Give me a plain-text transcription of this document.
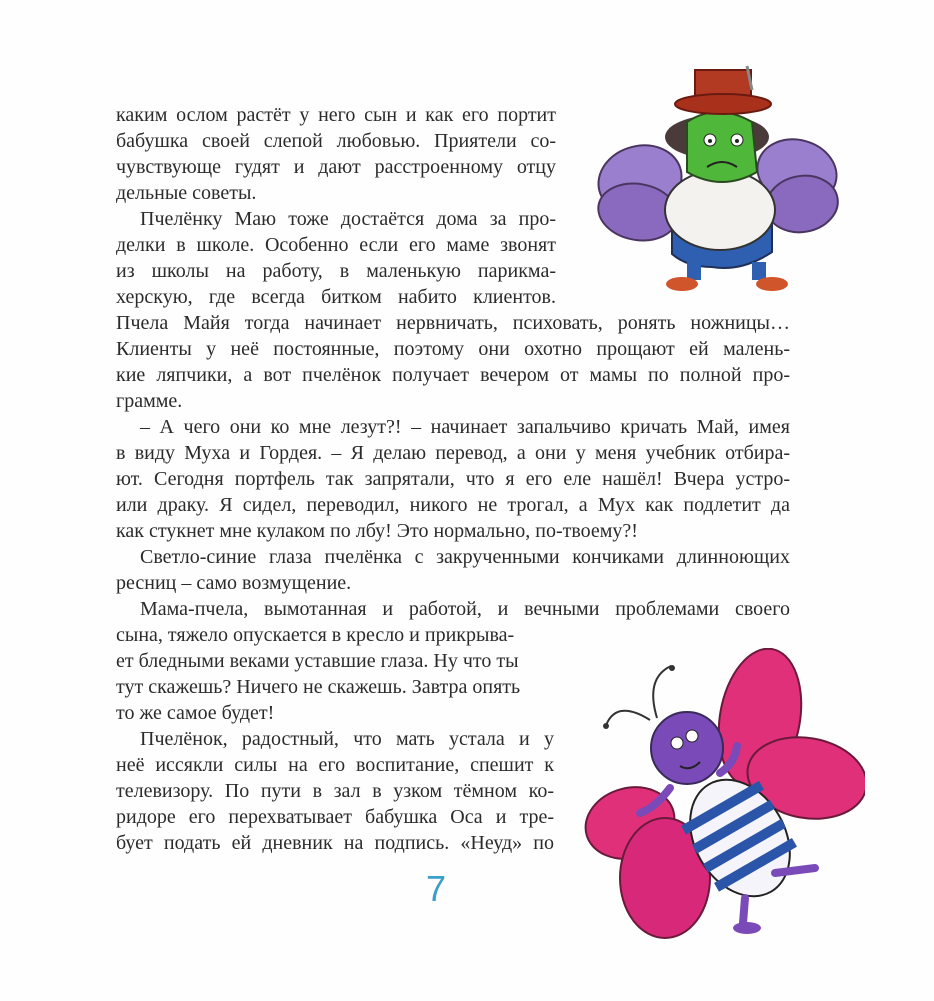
каким ослом растёт у него сын и как его портит
бабушка своей слепой любовью. Приятели со-
чувствующе гудят и дают расстроенному отцу
дельные советы.
Пчелёнку Маю тоже достаётся дома за про-
делки в школе. Особенно если его маме звонят
из школы на работу, в маленькую парикма-
херскую, где всегда битком набито клиентов.
Пчела Майя тогда начинает нервничать, психовать, ронять ножницы…
Клиенты у неё постоянные, поэтому они охотно прощают ей малень-
кие ляпчики, а вот пчелёнок получает вечером от мамы по полной про-
грамме.
– А чего они ко мне лезут?! – начинает запальчиво кричать Май, имея
в виду Муха и Гордея. – Я делаю перевод, а они у меня учебник отбира-
ют. Сегодня портфель так запрятали, что я его еле нашёл! Вчера устро-
или драку. Я сидел, переводил, никого не трогал, а Мух как подлетит да
как стукнет мне кулаком по лбу! Это нормально, по-твоему?!
Светло-синие глаза пчелёнка с закрученными кончиками длинноющих
ресниц – само возмущение.
Мама-пчела, вымотанная и работой, и вечными проблемами своего
сына, тяжело опускается в кресло и прикрыва-
ет бледными веками уставшие глаза. Ну что ты
тут скажешь? Ничего не скажешь. Завтра опять
то же самое будет!
Пчелёнок, радостный, что мать устала и у
неё иссякли силы на его воспитание, спешит к
телевизору. По пути в зал в узком тёмном ко-
ридоре его перехватывает бабушка Оса и тре-
бует подать ей дневник на подпись. «Неуд» по
7
